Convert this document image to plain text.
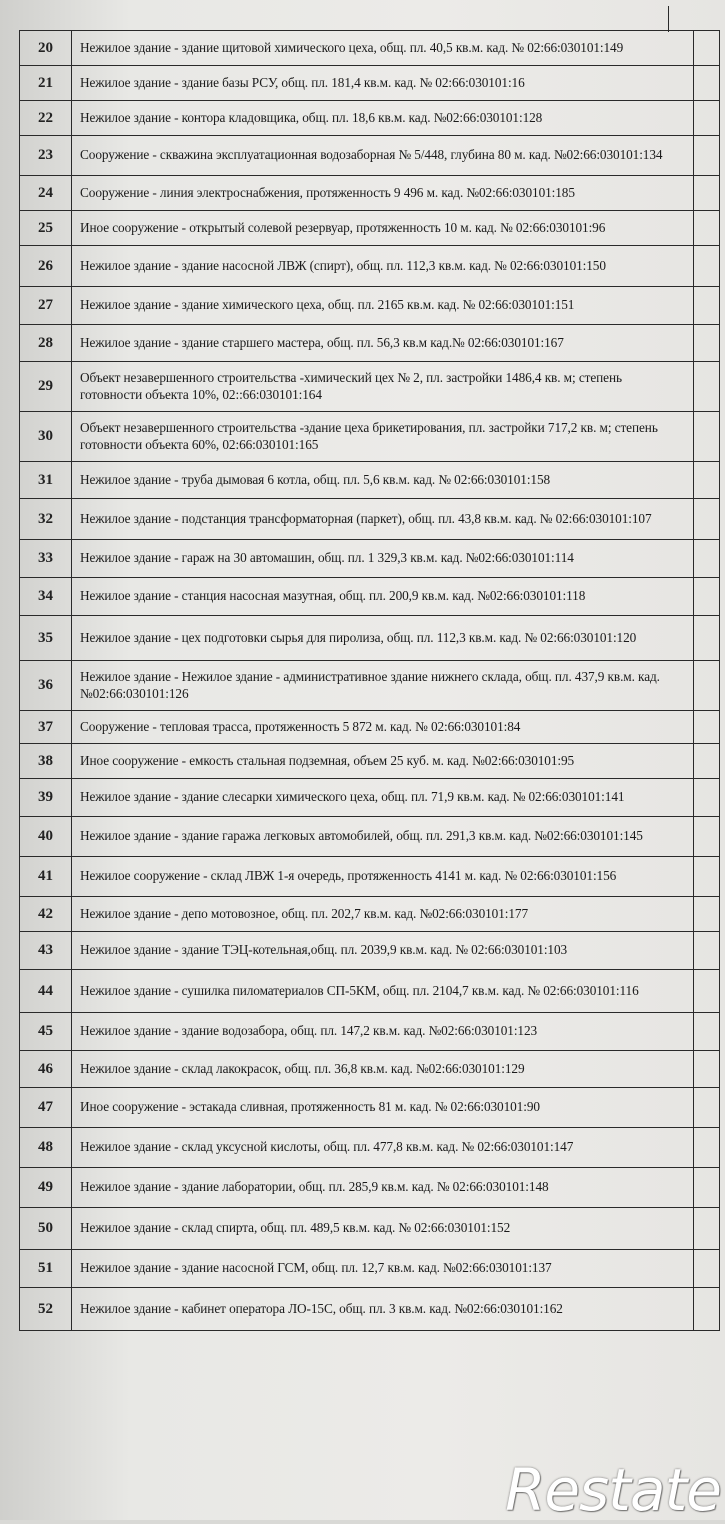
20	Нежилое здание - здание щитовой химического цеха, общ. пл. 40,5 кв.м. кад. № 02:66:030101:149	
21	Нежилое здание - здание базы РСУ, общ. пл. 181,4 кв.м. кад. № 02:66:030101:16	
22	Нежилое здание - контора кладовщика, общ. пл. 18,6 кв.м. кад. №02:66:030101:128	
23	Сооружение - скважина эксплуатационная водозаборная № 5/448, глубина 80 м. кад. №02:66:030101:134	
24	Сооружение - линия электроснабжения, протяженность 9 496 м. кад. №02:66:030101:185	
25	Иное сооружение - открытый солевой резервуар, протяженность 10 м. кад. № 02:66:030101:96	
26	Нежилое здание - здание насосной ЛВЖ (спирт), общ. пл. 112,3 кв.м. кад. № 02:66:030101:150	
27	Нежилое здание - здание химического цеха, общ. пл. 2165 кв.м. кад. № 02:66:030101:151	
28	Нежилое здание - здание старшего мастера, общ. пл. 56,3 кв.м кад.№ 02:66:030101:167	
29	Объект незавершенного строительства -химический цех № 2, пл. застройки 1486,4 кв. м; степень готовности объекта 10%, 02::66:030101:164	
30	Объект незавершенного строительства -здание цеха брикетирования, пл. застройки 717,2 кв. м; степень готовности объекта 60%, 02:66:030101:165	
31	Нежилое здание - труба дымовая 6 котла, общ. пл. 5,6 кв.м. кад. № 02:66:030101:158	
32	Нежилое здание - подстанция трансформаторная (паркет), общ. пл. 43,8 кв.м. кад. № 02:66:030101:107	
33	Нежилое здание - гараж на 30 автомашин, общ. пл. 1 329,3 кв.м. кад. №02:66:030101:114	
34	Нежилое здание - станция насосная мазутная, общ. пл. 200,9 кв.м. кад. №02:66:030101:118	
35	Нежилое здание - цех подготовки сырья для пиролиза, общ. пл. 112,3 кв.м. кад. № 02:66:030101:120	
36	Нежилое здание - Нежилое здание - административное здание нижнего склада, общ. пл. 437,9 кв.м. кад. №02:66:030101:126	
37	Сооружение - тепловая трасса, протяженность 5 872 м. кад. № 02:66:030101:84	
38	Иное сооружение - емкость стальная подземная, объем 25 куб. м. кад. №02:66:030101:95	
39	Нежилое здание - здание слесарки химического цеха, общ. пл. 71,9 кв.м. кад. № 02:66:030101:141	
40	Нежилое здание - здание гаража легковых автомобилей, общ. пл. 291,3 кв.м. кад. №02:66:030101:145	
41	Нежилое сооружение - склад ЛВЖ 1-я очередь, протяженность 4141 м. кад. № 02:66:030101:156	
42	Нежилое здание - депо мотовозное, общ. пл. 202,7 кв.м. кад. №02:66:030101:177	
43	Нежилое здание - здание ТЭЦ-котельная,общ. пл. 2039,9 кв.м. кад. № 02:66:030101:103	
44	Нежилое здание - сушилка пиломатериалов СП-5КМ, общ. пл. 2104,7 кв.м. кад. № 02:66:030101:116	
45	Нежилое здание - здание водозабора, общ. пл. 147,2 кв.м. кад. №02:66:030101:123	
46	Нежилое здание - склад лакокрасок, общ. пл. 36,8 кв.м. кад. №02:66:030101:129	
47	Иное сооружение - эстакада сливная, протяженность 81 м. кад. № 02:66:030101:90	
48	Нежилое здание - склад уксусной кислоты, общ. пл. 477,8 кв.м. кад. № 02:66:030101:147	
49	Нежилое здание - здание лаборатории, общ. пл. 285,9 кв.м. кад. № 02:66:030101:148	
50	Нежилое здание - склад спирта, общ. пл. 489,5 кв.м. кад. № 02:66:030101:152	
51	Нежилое здание - здание насосной ГСМ, общ. пл. 12,7 кв.м. кад. №02:66:030101:137	
52	Нежилое здание - кабинет оператора ЛО-15С, общ. пл. 3 кв.м. кад. №02:66:030101:162	
Restate
